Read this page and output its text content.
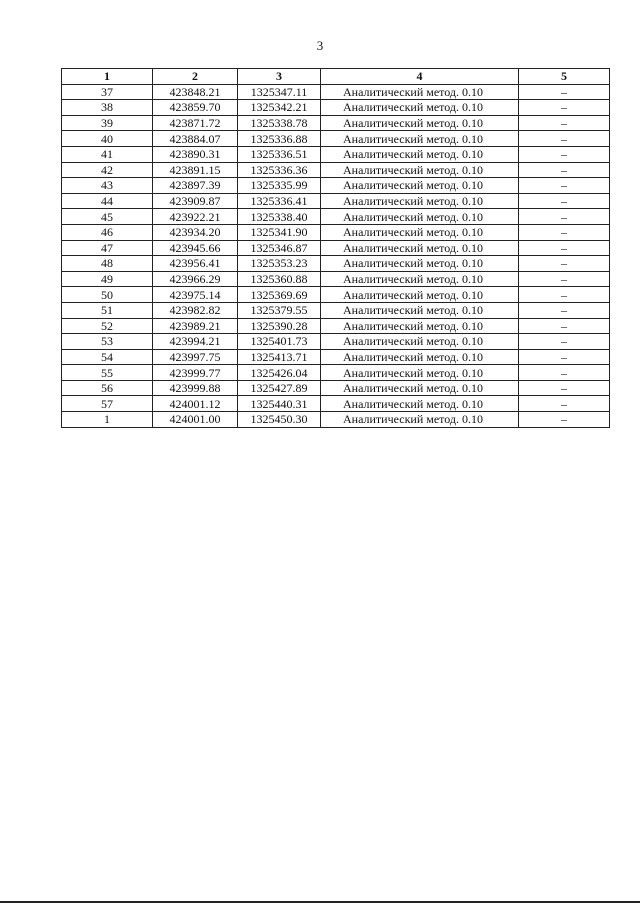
3
1	2	3	4	5
37	423848.21	1325347.11	Аналитический метод. 0.10	–
38	423859.70	1325342.21	Аналитический метод. 0.10	–
39	423871.72	1325338.78	Аналитический метод. 0.10	–
40	423884.07	1325336.88	Аналитический метод. 0.10	–
41	423890.31	1325336.51	Аналитический метод. 0.10	–
42	423891.15	1325336.36	Аналитический метод. 0.10	–
43	423897.39	1325335.99	Аналитический метод. 0.10	–
44	423909.87	1325336.41	Аналитический метод. 0.10	–
45	423922.21	1325338.40	Аналитический метод. 0.10	–
46	423934.20	1325341.90	Аналитический метод. 0.10	–
47	423945.66	1325346.87	Аналитический метод. 0.10	–
48	423956.41	1325353.23	Аналитический метод. 0.10	–
49	423966.29	1325360.88	Аналитический метод. 0.10	–
50	423975.14	1325369.69	Аналитический метод. 0.10	–
51	423982.82	1325379.55	Аналитический метод. 0.10	–
52	423989.21	1325390.28	Аналитический метод. 0.10	–
53	423994.21	1325401.73	Аналитический метод. 0.10	–
54	423997.75	1325413.71	Аналитический метод. 0.10	–
55	423999.77	1325426.04	Аналитический метод. 0.10	–
56	423999.88	1325427.89	Аналитический метод. 0.10	–
57	424001.12	1325440.31	Аналитический метод. 0.10	–
1	424001.00	1325450.30	Аналитический метод. 0.10	–
